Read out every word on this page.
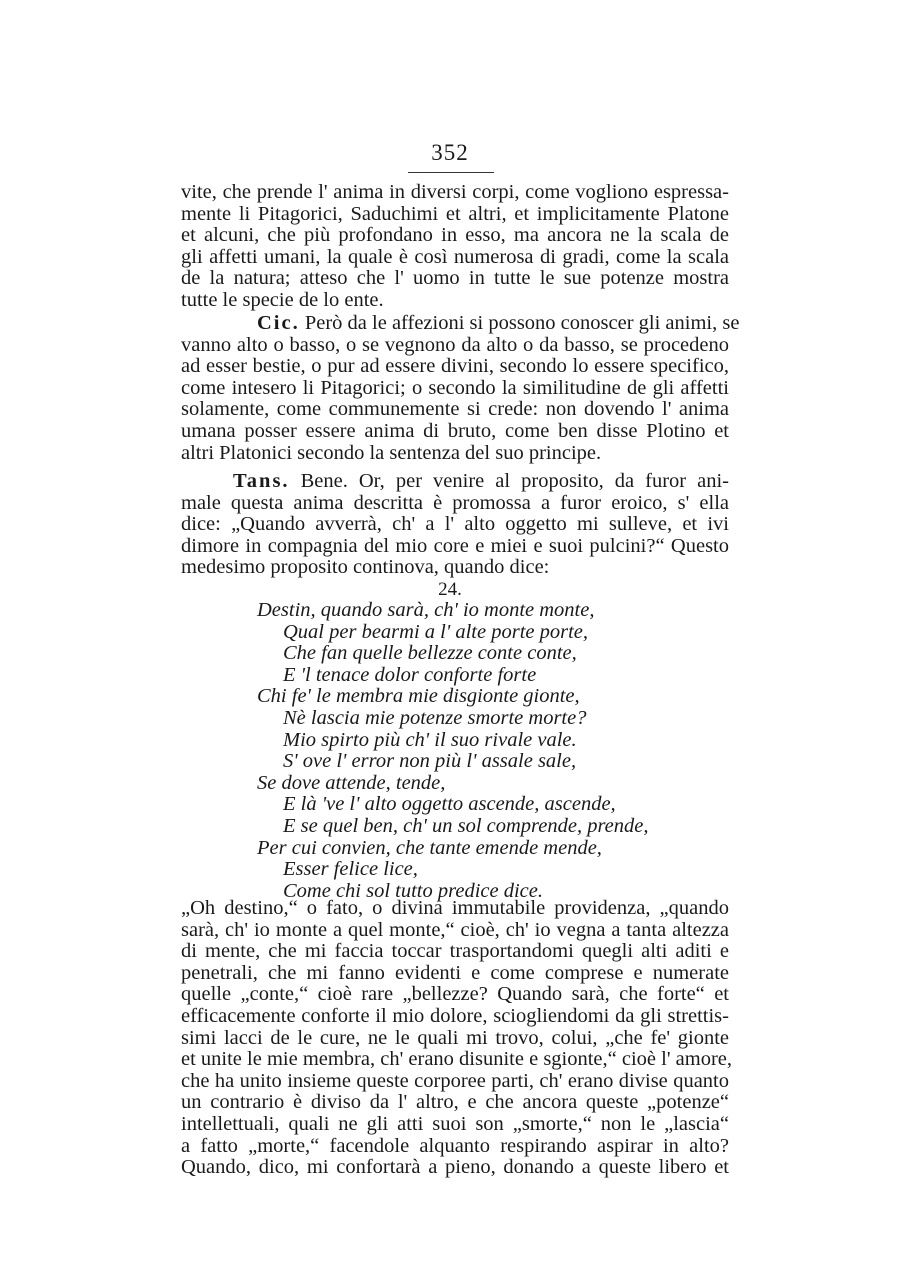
352
vite, che prende l' anima in diversi corpi, come vogliono espressa-
mente li Pitagorici, Saduchimi et altri, et implicitamente Platone
et alcuni, che più profondano in esso, ma ancora ne la scala de
gli affetti umani, la quale è così numerosa di gradi, come la scala
de la natura; atteso che l' uomo in tutte le sue potenze mostra
tutte le specie de lo ente.
Cic. Però da le affezioni si possono conoscer gli animi, se
vanno alto o basso, o se vegnono da alto o da basso, se procedeno
ad esser bestie, o pur ad essere divini, secondo lo essere specifico,
come intesero li Pitagorici; o secondo la similitudine de gli affetti
solamente, come communemente si crede: non dovendo l' anima
umana posser essere anima di bruto, come ben disse Plotino et
altri Platonici secondo la sentenza del suo principe.
Tans. Bene. Or, per venire al proposito, da furor ani-
male questa anima descritta è promossa a furor eroico, s' ella
dice: „Quando avverrà, ch' a l' alto oggetto mi sulleve, et ivi
dimore in compagnia del mio core e miei e suoi pulcini?“ Questo
medesimo proposito continova, quando dice:
24.
Destin, quando sarà, ch' io monte monte,
Qual per bearmi a l' alte porte porte,
Che fan quelle bellezze conte conte,
E 'l tenace dolor conforte forte
Chi fe' le membra mie disgionte gionte,
Nè lascia mie potenze smorte morte?
Mio spirto più ch' il suo rivale vale.
S' ove l' error non più l' assale sale,
Se dove attende, tende,
E là 've l' alto oggetto ascende, ascende,
E se quel ben, ch' un sol comprende, prende,
Per cui convien, che tante emende mende,
Esser felice lice,
Come chi sol tutto predice dice.
„Oh destino,“ o fato, o divina immutabile providenza, „quando
sarà, ch' io monte a quel monte,“ cioè, ch' io vegna a tanta altezza
di mente, che mi faccia toccar trasportandomi quegli alti aditi e
penetrali, che mi fanno evidenti e come comprese e numerate
quelle „conte,“ cioè rare „bellezze? Quando sarà, che forte“ et
efficacemente conforte il mio dolore, sciogliendomi da gli strettis-
simi lacci de le cure, ne le quali mi trovo, colui, „che fe' gionte
et unite le mie membra, ch' erano disunite e sgionte,“ cioè l' amore,
che ha unito insieme queste corporee parti, ch' erano divise quanto
un contrario è diviso da l' altro, e che ancora queste „potenze“
intellettuali, quali ne gli atti suoi son „smorte,“ non le „lascia“
a fatto „morte,“ facendole alquanto respirando aspirar in alto?
Quando, dico, mi confortarà a pieno, donando a queste libero et
